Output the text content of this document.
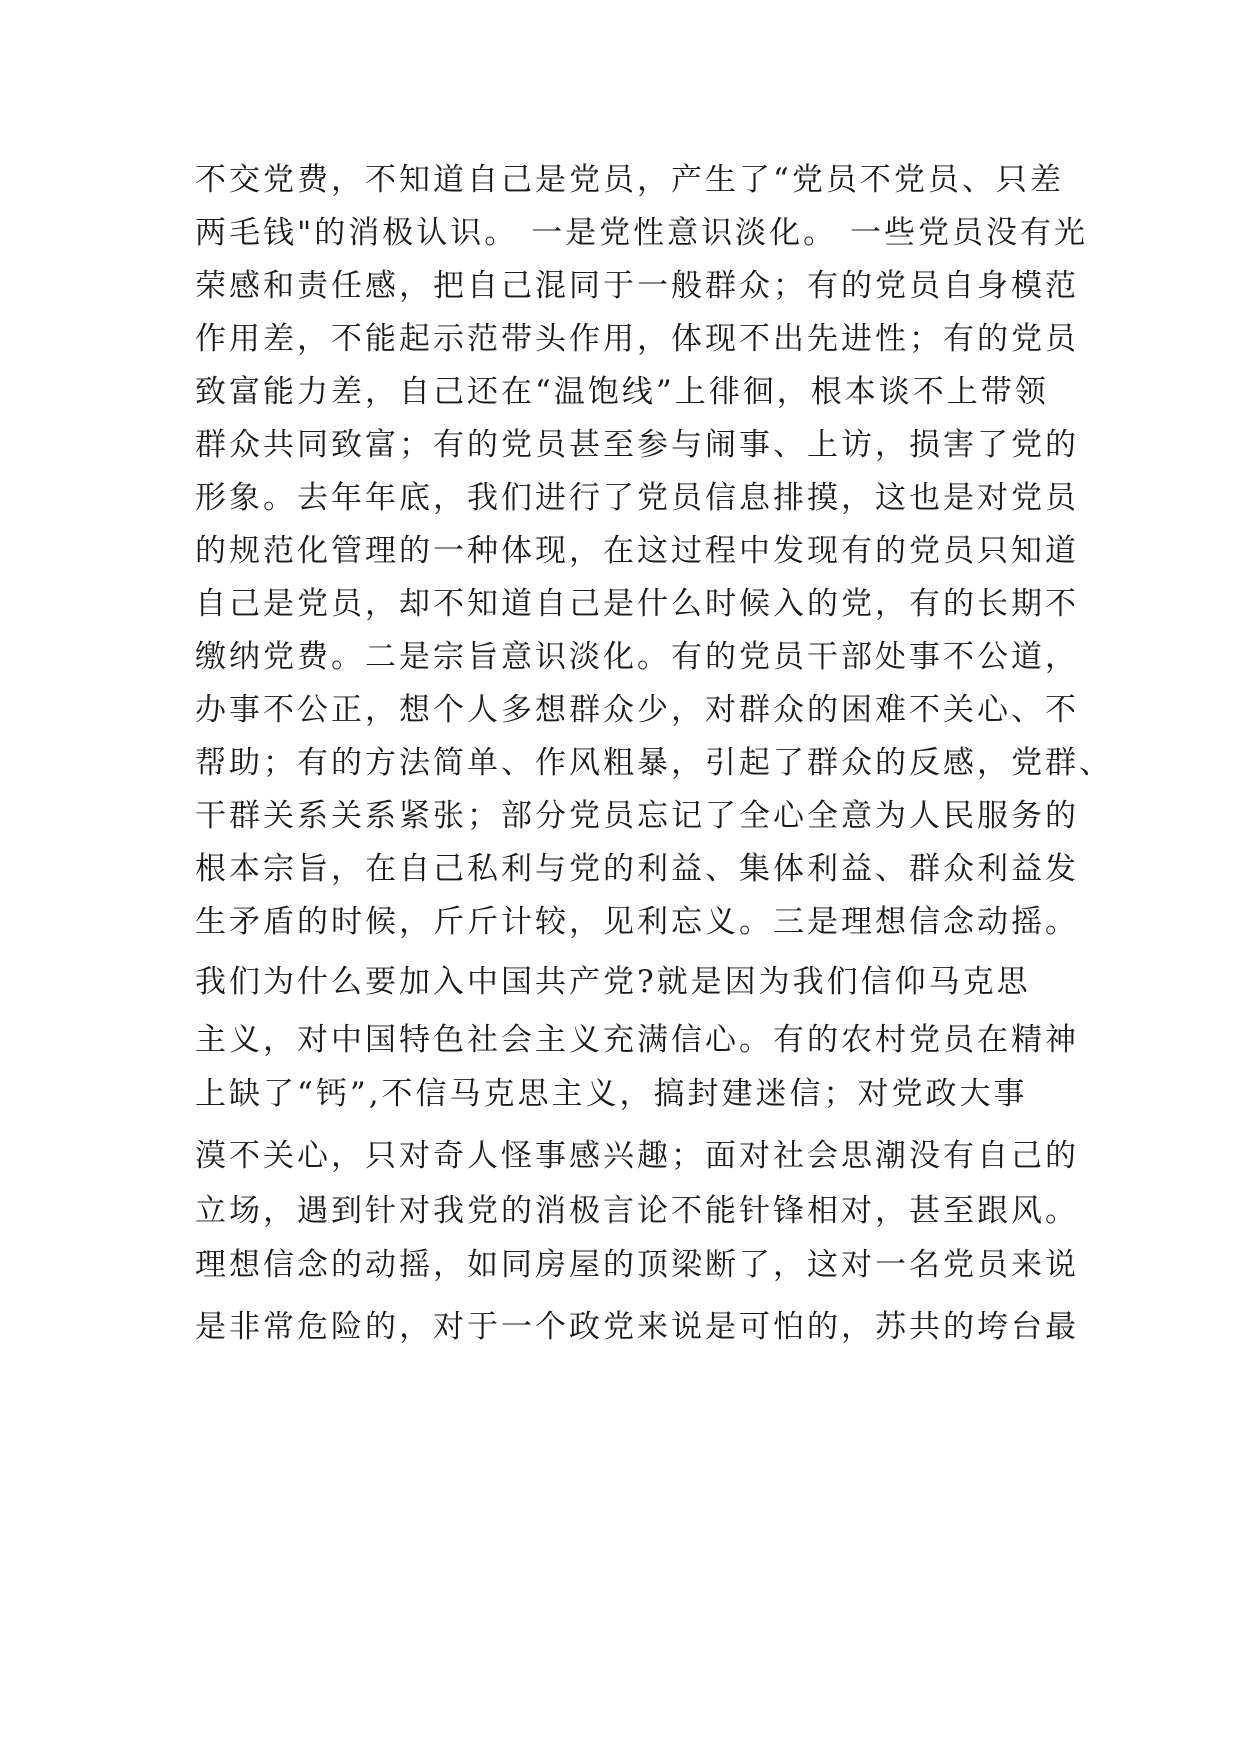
不交党费，不知道自己是党员，产生了“党员不党员、只差
两毛钱"的消极认识。 一是党性意识淡化。 一些党员没有光
荣感和责任感，把自己混同于一般群众；有的党员自身模范
作用差，不能起示范带头作用，体现不出先进性；有的党员
致富能力差，自己还在“温饱线”上徘徊，根本谈不上带领
群众共同致富；有的党员甚至参与闹事、上访，损害了党的
形象。去年年底，我们进行了党员信息排摸，这也是对党员
的规范化管理的一种体现，在这过程中发现有的党员只知道
自己是党员，却不知道自己是什么时候入的党，有的长期不
缴纳党费。二是宗旨意识淡化。有的党员干部处事不公道，
办事不公正，想个人多想群众少，对群众的困难不关心、不
帮助；有的方法简单、作风粗暴，引起了群众的反感，党群、
干群关系关系紧张；部分党员忘记了全心全意为人民服务的
根本宗旨，在自己私利与党的利益、集体利益、群众利益发
生矛盾的时候，斤斤计较，见利忘义。三是理想信念动摇。
我们为什么要加入中国共产党?就是因为我们信仰马克思
主义，对中国特色社会主义充满信心。有的农村党员在精神
上缺了“钙”,不信马克思主义，搞封建迷信；对党政大事
漠不关心，只对奇人怪事感兴趣；面对社会思潮没有自己的
立场，遇到针对我党的消极言论不能针锋相对，甚至跟风。
理想信念的动摇，如同房屋的顶梁断了，这对一名党员来说
是非常危险的，对于一个政党来说是可怕的，苏共的垮台最
